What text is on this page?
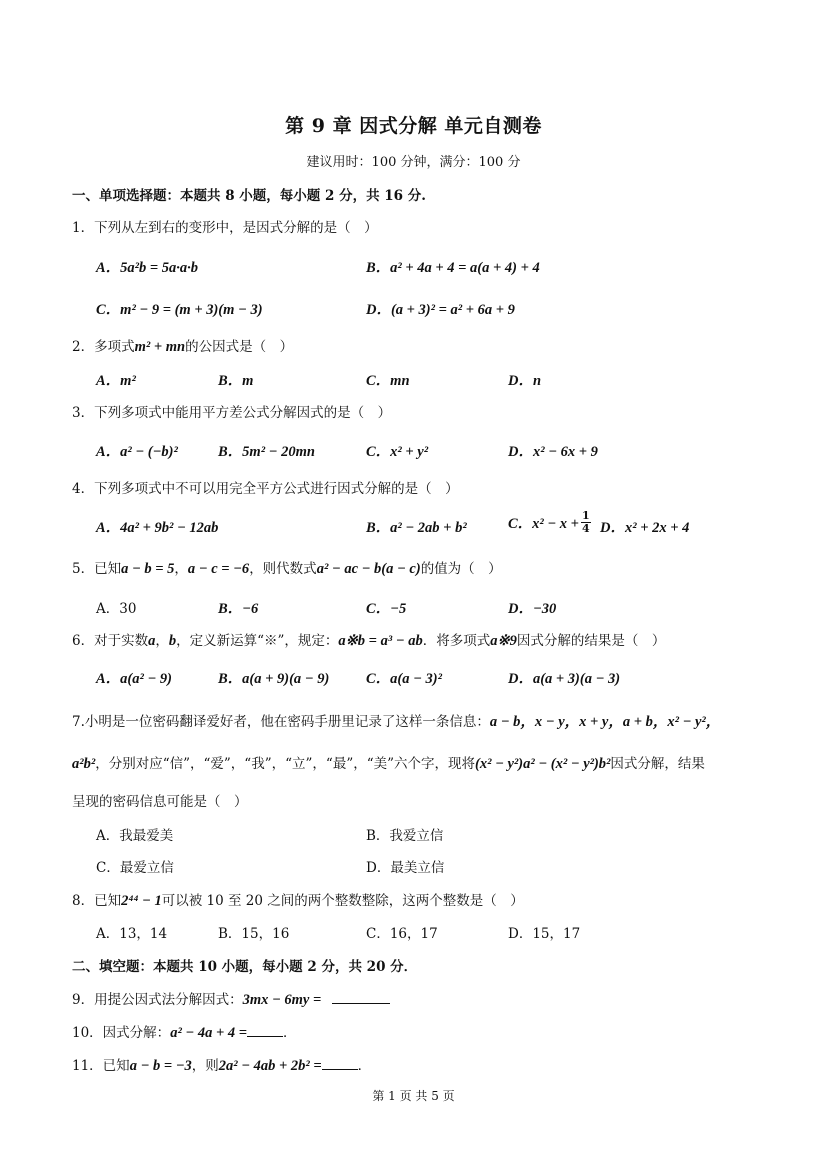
第 9 章 因式分解 单元自测卷
建议用时：100 分钟，满分：100 分
一、单项选择题：本题共 8 小题，每小题 2 分，共 16 分.
1．下列从左到右的变形中，是因式分解的是（　）
A．5a²b = 5a·a·b	B．a² + 4a + 4 = a(a + 4) + 4
C．m² − 9 = (m + 3)(m − 3)	D．(a + 3)² = a² + 6a + 9
2．多项式m² + mn的公因式是（　）
A．m²	B．m	C．mn	D．n
3．下列多项式中能用平方差公式分解因式的是（　）
A．a² − (−b)²	B．5m² − 20mn	C．x² + y²	D．x² − 6x + 9
4．下列多项式中不可以用完全平方公式进行因式分解的是（　）
A．4a² + 9b² − 12ab	B．a² − 2ab + b²	C．$x^2 - x + \frac{1}{4}$ D．x² + 2x + 4
5．已知a − b = 5，a − c = −6，则代数式a² − ac − b(a − c)的值为（　）
A．30	B．−6	C．−5	D．−30
6．对于实数a，b，定义新运算“※”，规定：a※b = a³ − ab．将多项式a※9因式分解的结果是（　）
A．a(a² − 9)	B．a(a + 9)(a − 9)	C．a(a − 3)²	D．a(a + 3)(a − 3)
7.小明是一位密码翻译爱好者，他在密码手册里记录了这样一条信息：a − b，x − y，x + y，a + b，x² − y²，
a²b²，分别对应“信”，“爱”，“我”，“立”，“最”，“美”六个字，现将(x² − y²)a² − (x² − y²)b²因式分解，结果
呈现的密码信息可能是（　）
A．我最爱美	B．我爱立信
C．最爱立信	D．最美立信
8．已知2⁴⁴ − 1可以被 10 至 20 之间的两个整数整除，这两个整数是（　）
A．13，14	B．15，16	C．16，17	D．15，17
二、填空题：本题共 10 小题，每小题 2 分，共 20 分．
9．用提公因式法分解因式：3mx − 6my =
10．因式分解：a² − 4a + 4 =	．
11．已知a − b = −3，则2a² − 4ab + 2b² =	．
第 1 页 共 5 页
